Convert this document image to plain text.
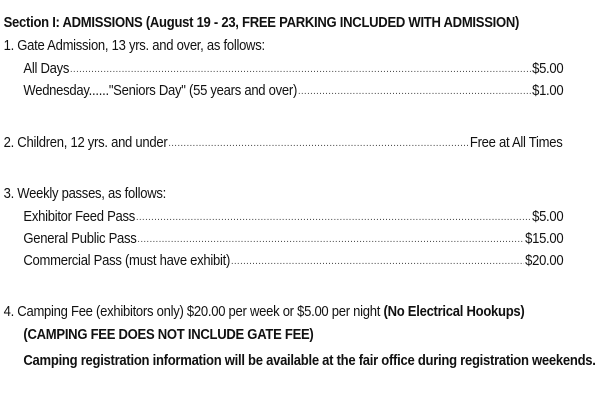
Section I: ADMISSIONS (August 19 - 23, FREE PARKING INCLUDED WITH ADMISSION)
1. Gate Admission, 13 yrs. and over, as follows:
All Days .....	$5.00
Wednesday......"Seniors Day" (55 years and over) .....	$1.00
2. Children, 12 yrs. and under .....	Free at All Times
3. Weekly passes, as follows:
Exhibitor Feed Pass .....	$5.00
General Public Pass .....	$15.00
Commercial Pass (must have exhibit) .....	$20.00
4. Camping Fee (exhibitors only) $20.00 per week or $5.00 per night (No Electrical Hookups)
(CAMPING FEE DOES NOT INCLUDE GATE FEE)
Camping registration information will be available at the fair office during registration weekends.
